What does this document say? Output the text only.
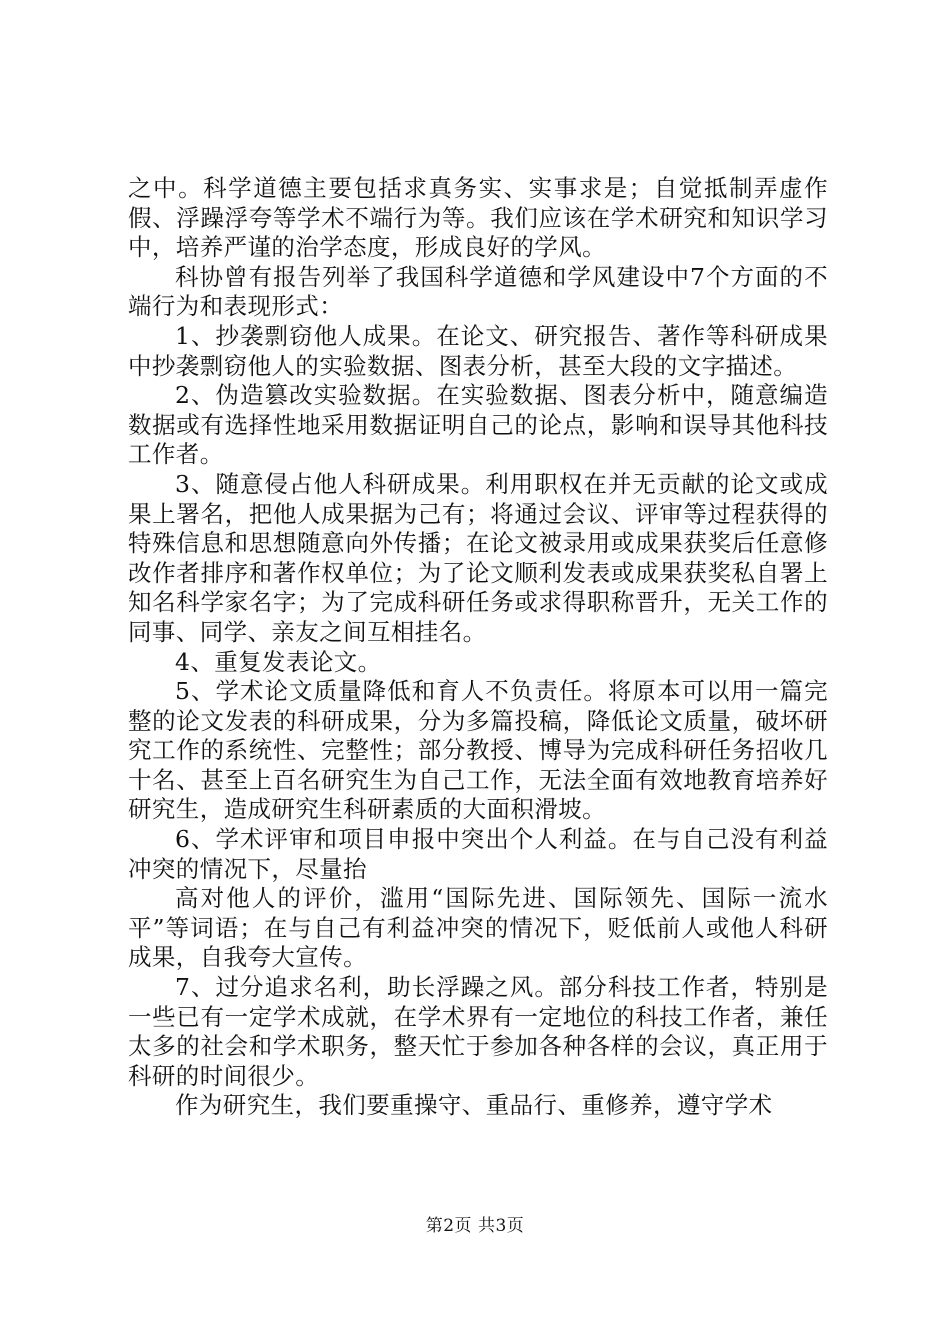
之中。科学道德主要包括求真务实、实事求是；自觉抵制弄虚作假、浮躁浮夸等学术不端行为等。我们应该在学术研究和知识学习中，培养严谨的治学态度，形成良好的学风。

科协曾有报告列举了我国科学道德和学风建设中7个方面的不端行为和表现形式：

1、抄袭剽窃他人成果。在论文、研究报告、著作等科研成果中抄袭剽窃他人的实验数据、图表分析，甚至大段的文字描述。

2、伪造篡改实验数据。在实验数据、图表分析中，随意编造数据或有选择性地采用数据证明自己的论点，影响和误导其他科技工作者。

3、随意侵占他人科研成果。利用职权在并无贡献的论文或成果上署名，把他人成果据为己有；将通过会议、评审等过程获得的特殊信息和思想随意向外传播；在论文被录用或成果获奖后任意修改作者排序和著作权单位；为了论文顺利发表或成果获奖私自署上知名科学家名字；为了完成科研任务或求得职称晋升，无关工作的同事、同学、亲友之间互相挂名。

4、重复发表论文。

5、学术论文质量降低和育人不负责任。将原本可以用一篇完整的论文发表的科研成果，分为多篇投稿，降低论文质量，破坏研究工作的系统性、完整性；部分教授、博导为完成科研任务招收几十名、甚至上百名研究生为自己工作，无法全面有效地教育培养好研究生，造成研究生科研素质的大面积滑坡。

6、学术评审和项目申报中突出个人利益。在与自己没有利益冲突的情况下，尽量抬

高对他人的评价，滥用“国际先进、国际领先、国际一流水平”等词语；在与自己有利益冲突的情况下，贬低前人或他人科研成果，自我夸大宣传。

7、过分追求名利，助长浮躁之风。部分科技工作者，特别是一些已有一定学术成就，在学术界有一定地位的科技工作者，兼任太多的社会和学术职务，整天忙于参加各种各样的会议，真正用于科研的时间很少。

作为研究生，我们要重操守、重品行、重修养，遵守学术

第2页 共3页
